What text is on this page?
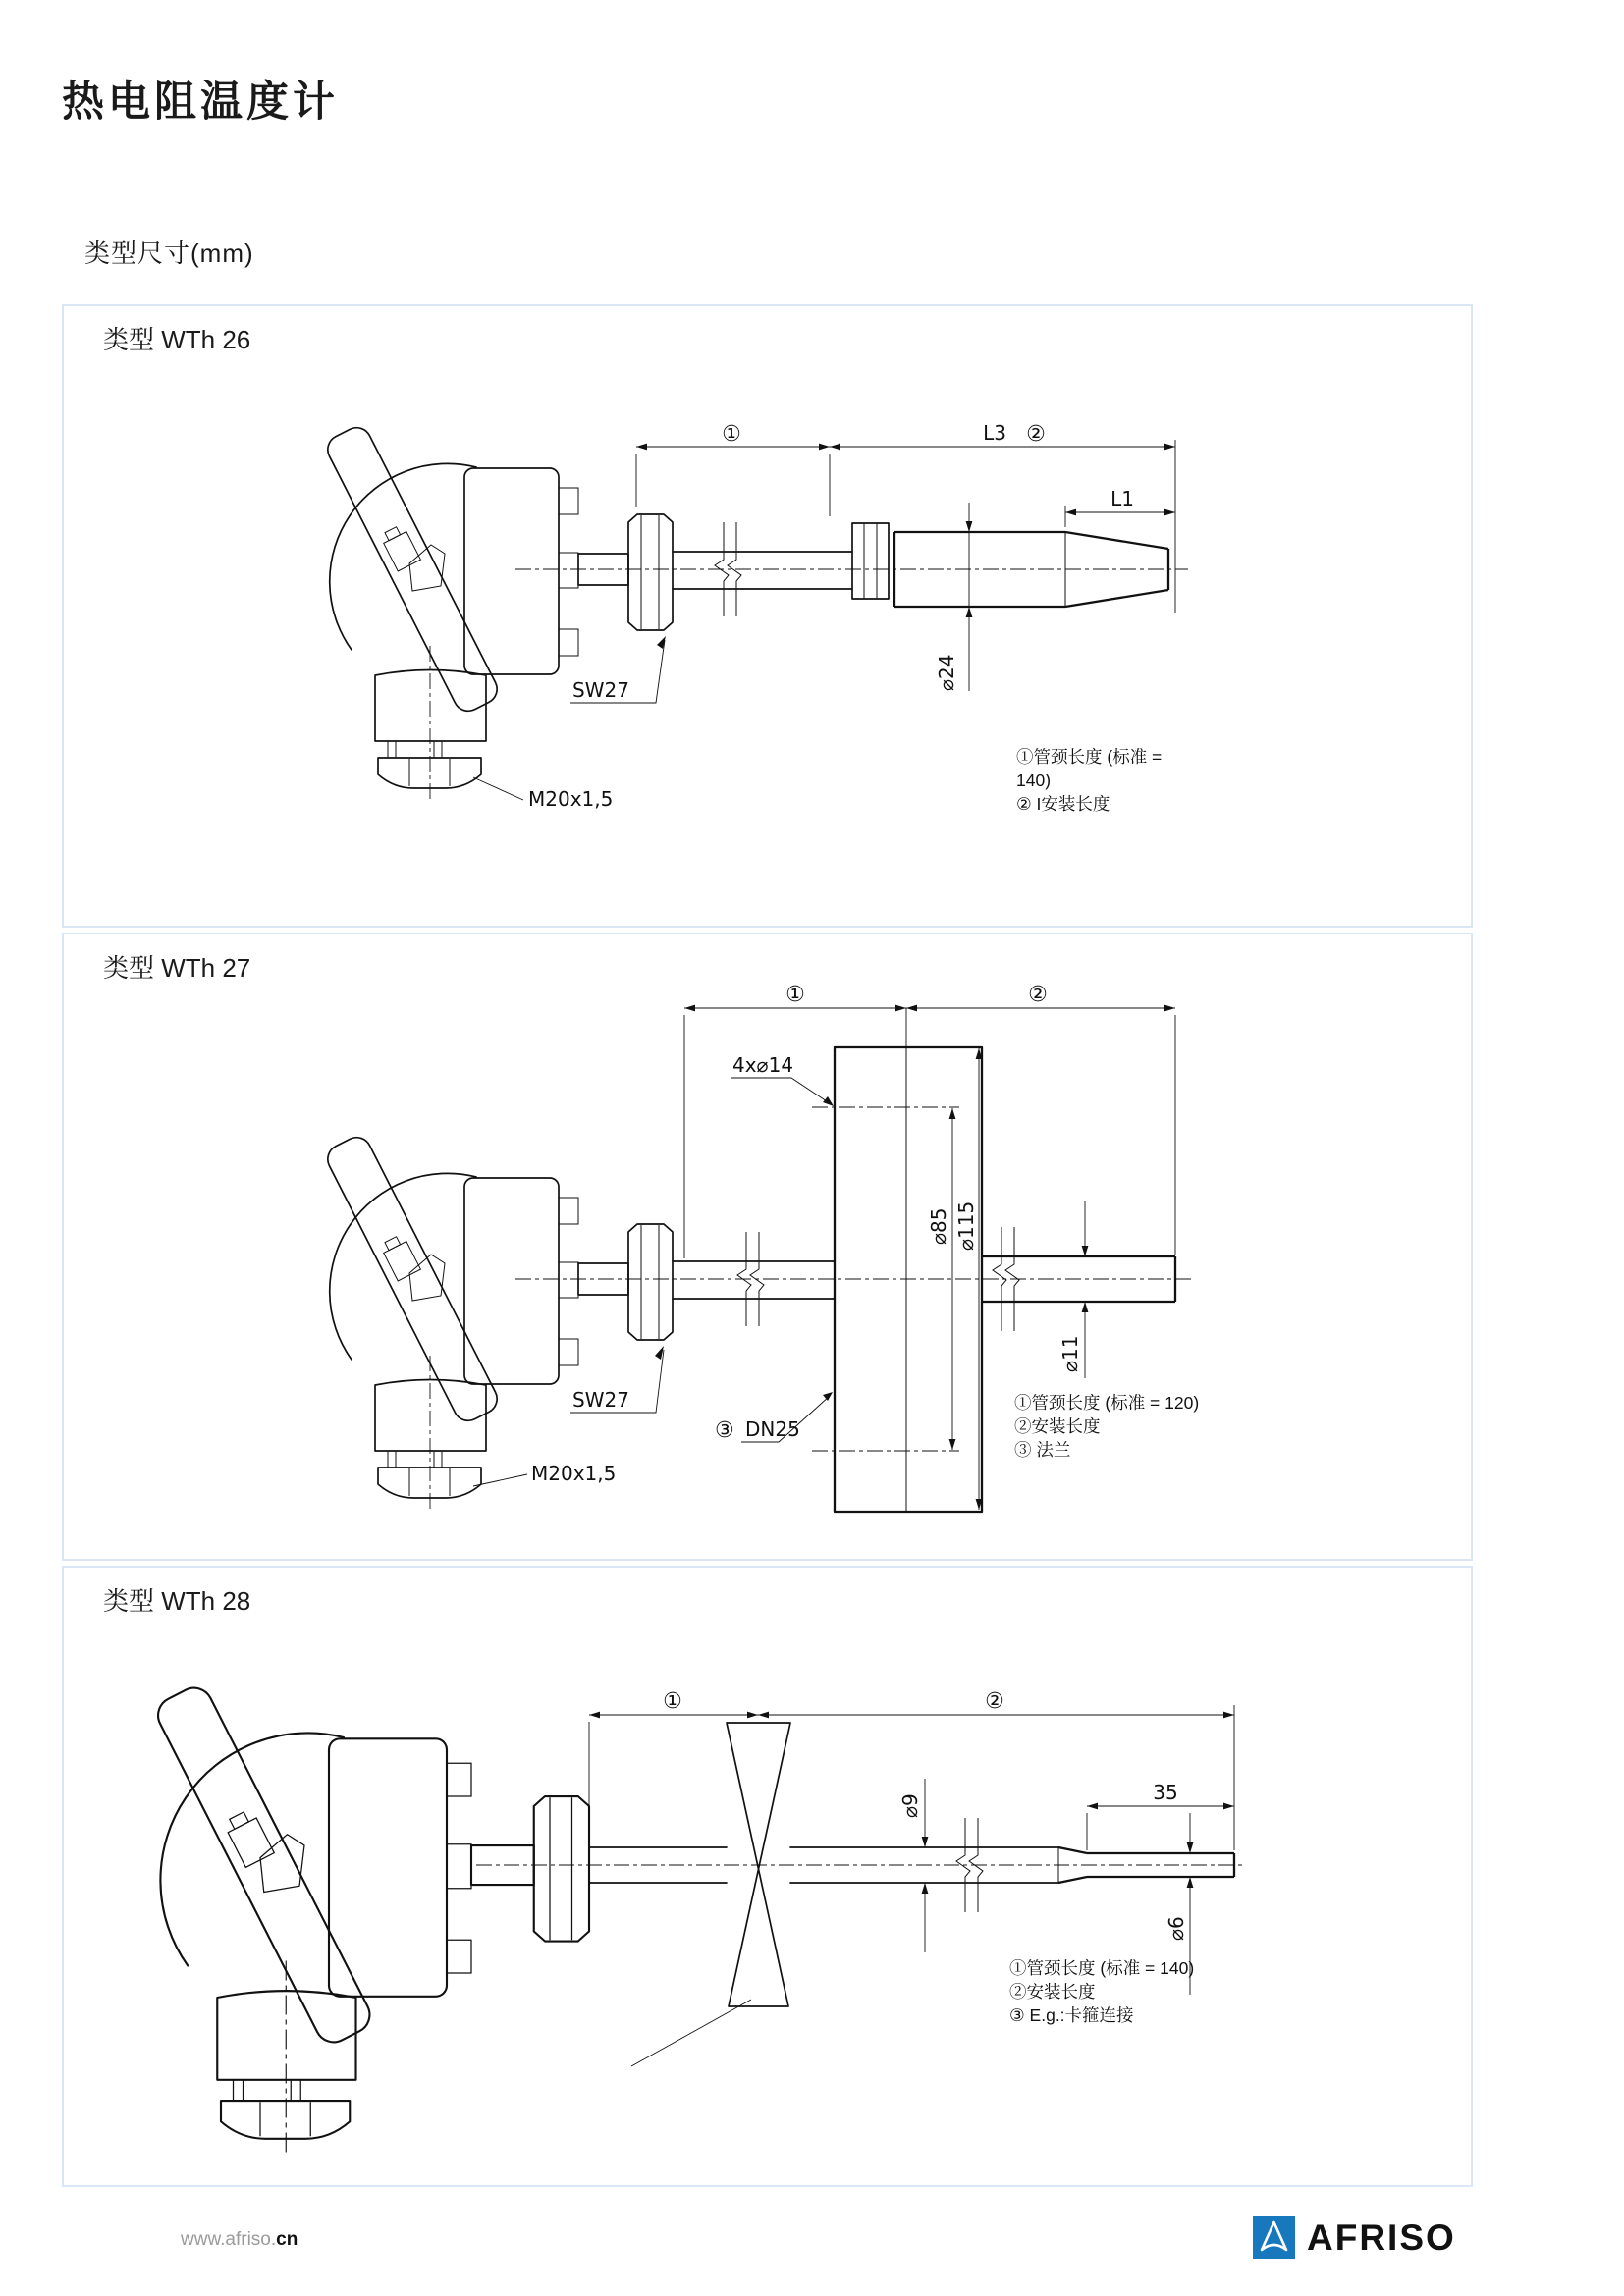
热电阻温度计
类型尺寸(mm)
类型 WTh 26
①	L3 ②
L1
⌀24
SW27
M20x1,5
①管颈长度 (标准 =
140)
② I安装长度
类型 WTh 27
4x⌀14
⌀85 ⌀115
⌀11
①	②
SW27
③ DN25
M20x1,5
①管颈长度 (标准 = 120)
②安装长度
③ 法兰
类型 WTh 28
①	②
35
⌀9
⌀6
①管颈长度 (标准 = 140)
②安装长度
③ E.g.:卡箍连接
www.afriso.cn	AFRISO
